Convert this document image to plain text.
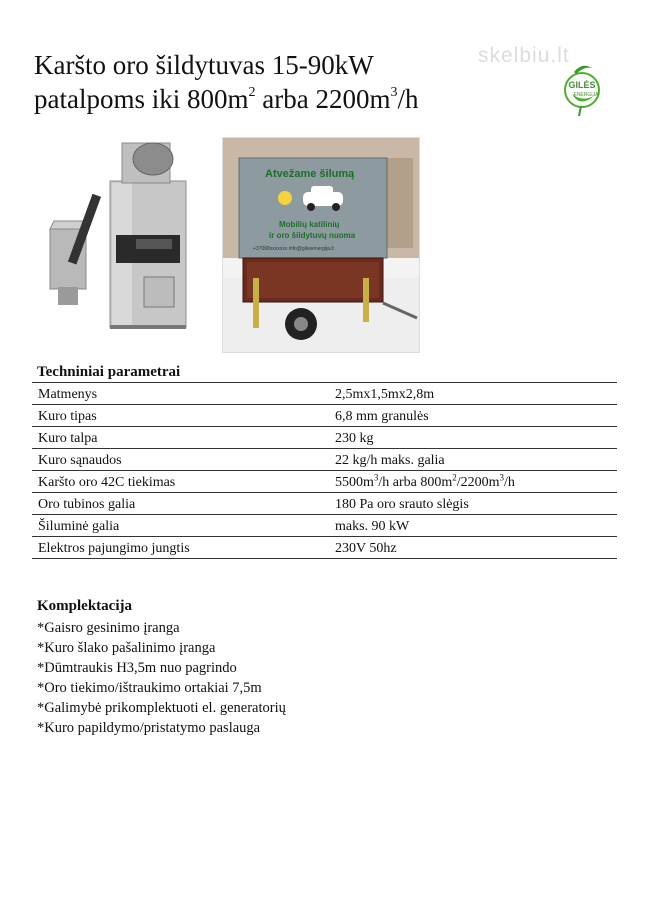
Karšto oro šildytuvas 15-90kW
patalpoms iki $800m^2$ arba $2200m^3/h$
skelbiu.lt
GILĖS
ENERGIJA
Atvežame šilumą
Mobilių katilinių
ir oro šildytuvų nuoma
+37068xxxxxxx info@gilesenergija.lt
Techniniai parametrai
Matmenys	2,5mx1,5mx2,8m
Kuro tipas	6,8 mm granulės
Kuro talpa	230 kg
Kuro sąnaudos	22 kg/h maks. galia
Karšto oro 42C tiekimas	$5500m^3/h$ arba $800m^2/2200m^3/h$
Oro tubinos galia	180 Pa oro srauto slėgis
Šiluminė galia	maks. 90 kW
Elektros pajungimo jungtis	230V 50hz
Komplektacija
*Gaisro gesinimo įranga
*Kuro šlako pašalinimo įranga
*Dūmtraukis H3,5m nuo pagrindo
*Oro tiekimo/ištraukimo ortakiai 7,5m
*Galimybė prikomplektuoti el. generatorių
*Kuro papildymo/pristatymo paslauga
